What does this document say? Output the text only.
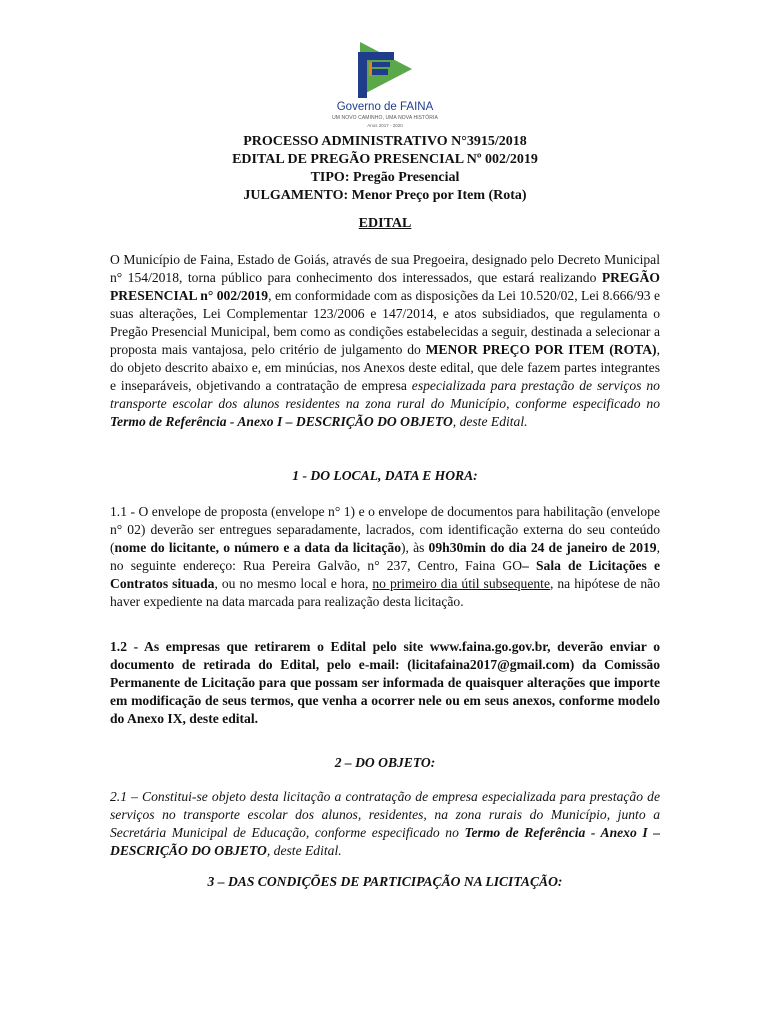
Governo de FAINA
UM NOVO CAMINHO, UMA NOVA HISTÓRIA
Anos 2017 - 2020
PROCESSO ADMINISTRATIVO N°3915/2018
EDITAL DE PREGÃO PRESENCIAL Nº 002/2019
TIPO: Pregão Presencial
JULGAMENTO: Menor Preço por Item (Rota)
EDITAL
O Município de Faina, Estado de Goiás, através de sua Pregoeira, designado pelo Decreto Municipal n° 154/2018, torna público para conhecimento dos interessados, que estará realizando PREGÃO PRESENCIAL n° 002/2019, em conformidade com as disposições da Lei 10.520/02, Lei 8.666/93 e suas alterações, Lei Complementar 123/2006 e 147/2014, e atos subsidiados, que regulamenta o Pregão Presencial Municipal, bem como as condições estabelecidas a seguir, destinada a selecionar a proposta mais vantajosa, pelo critério de julgamento do MENOR PREÇO POR ITEM (ROTA), do objeto descrito abaixo e, em minúcias, nos Anexos deste edital, que dele fazem partes integrantes e inseparáveis, objetivando a contratação de empresa especializada para prestação de serviços no transporte escolar dos alunos residentes na zona rural do Município, conforme especificado no Termo de Referência - Anexo I – DESCRIÇÃO DO OBJETO, deste Edital.
1 - DO LOCAL, DATA E HORA:
1.1 - O envelope de proposta (envelope n° 1) e o envelope de documentos para habilitação (envelope n° 02) deverão ser entregues separadamente, lacrados, com identificação externa do seu conteúdo (nome do licitante, o número e a data da licitação), às 09h30min do dia 24 de janeiro de 2019, no seguinte endereço: Rua Pereira Galvão, n° 237, Centro, Faina GO– Sala de Licitações e Contratos situada, ou no mesmo local e hora, no primeiro dia útil subsequente, na hipótese de não haver expediente na data marcada para realização desta licitação.
1.2 - As empresas que retirarem o Edital pelo site www.faina.go.gov.br, deverão enviar o documento de retirada do Edital, pelo e-mail: (licitafaina2017@gmail.com) da Comissão Permanente de Licitação para que possam ser informada de quaisquer alterações que importe em modificação de seus termos, que venha a ocorrer nele ou em seus anexos, conforme modelo do Anexo IX, deste edital.
2 – DO OBJETO:
2.1 – Constitui-se objeto desta licitação a contratação de empresa especializada para prestação de serviços no transporte escolar dos alunos, residentes, na zona rurais do Município, junto a Secretária Municipal de Educação, conforme especificado no Termo de Referência - Anexo I – DESCRIÇÃO DO OBJETO, deste Edital.
3 – DAS CONDIÇÕES DE PARTICIPAÇÃO NA LICITAÇÃO:
